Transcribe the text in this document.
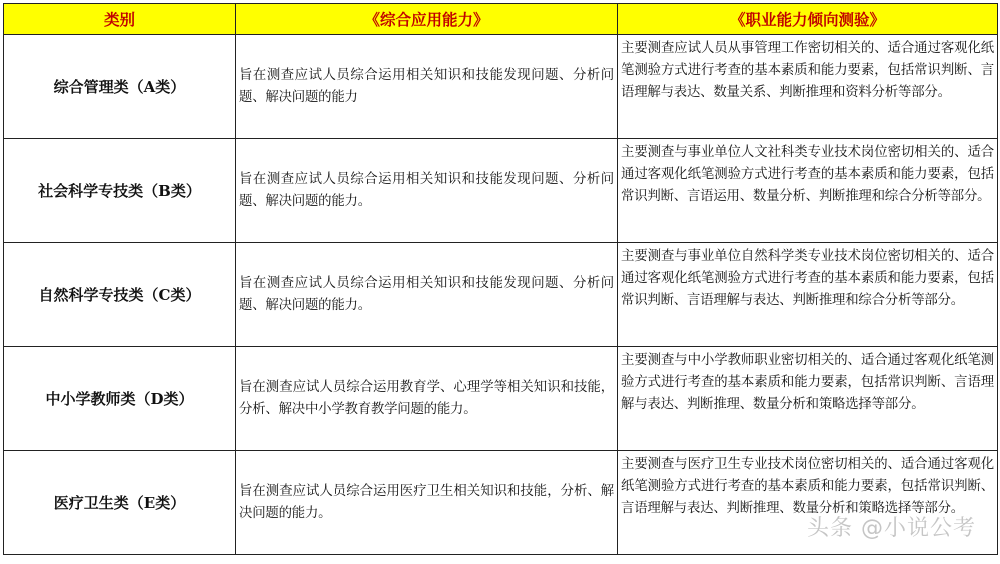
类别	《综合应用能力》	《职业能力倾向测验》
综合管理类（A类）	旨在测查应试人员综合运用相关知识和技能发现问题、分析问题、解决问题的能力	主要测查应试人员从事管理工作密切相关的、适合通过客观化纸笔测验方式进行考查的基本素质和能力要素，包括常识判断、言语理解与表达、数量关系、判断推理和资料分析等部分。
社会科学专技类（B类）	旨在测查应试人员综合运用相关知识和技能发现问题、分析问题、解决问题的能力。	主要测查与事业单位人文社科类专业技术岗位密切相关的、适合通过客观化纸笔测验方式进行考查的基本素质和能力要素，包括常识判断、言语运用、数量分析、判断推理和综合分析等部分。
自然科学专技类（C类）	旨在测查应试人员综合运用相关知识和技能发现问题、分析问题、解决问题的能力。	主要测查与事业单位自然科学类专业技术岗位密切相关的、适合通过客观化纸笔测验方式进行考查的基本素质和能力要素，包括常识判断、言语理解与表达、判断推理和综合分析等部分。
中小学教师类（D类）	旨在测查应试人员综合运用教育学、心理学等相关知识和技能，分析、解决中小学教育教学问题的能力。	主要测查与中小学教师职业密切相关的、适合通过客观化纸笔测验方式进行考查的基本素质和能力要素，包括常识判断、言语理解与表达、判断推理、数量分析和策略选择等部分。
医疗卫生类（E类）	旨在测查应试人员综合运用医疗卫生相关知识和技能，分析、解决问题的能力。	主要测查与医疗卫生专业技术岗位密切相关的、适合通过客观化纸笔测验方式进行考查的基本素质和能力要素，包括常识判断、言语理解与表达、判断推理、数量分析和策略选择等部分。
头条 @小说公考
